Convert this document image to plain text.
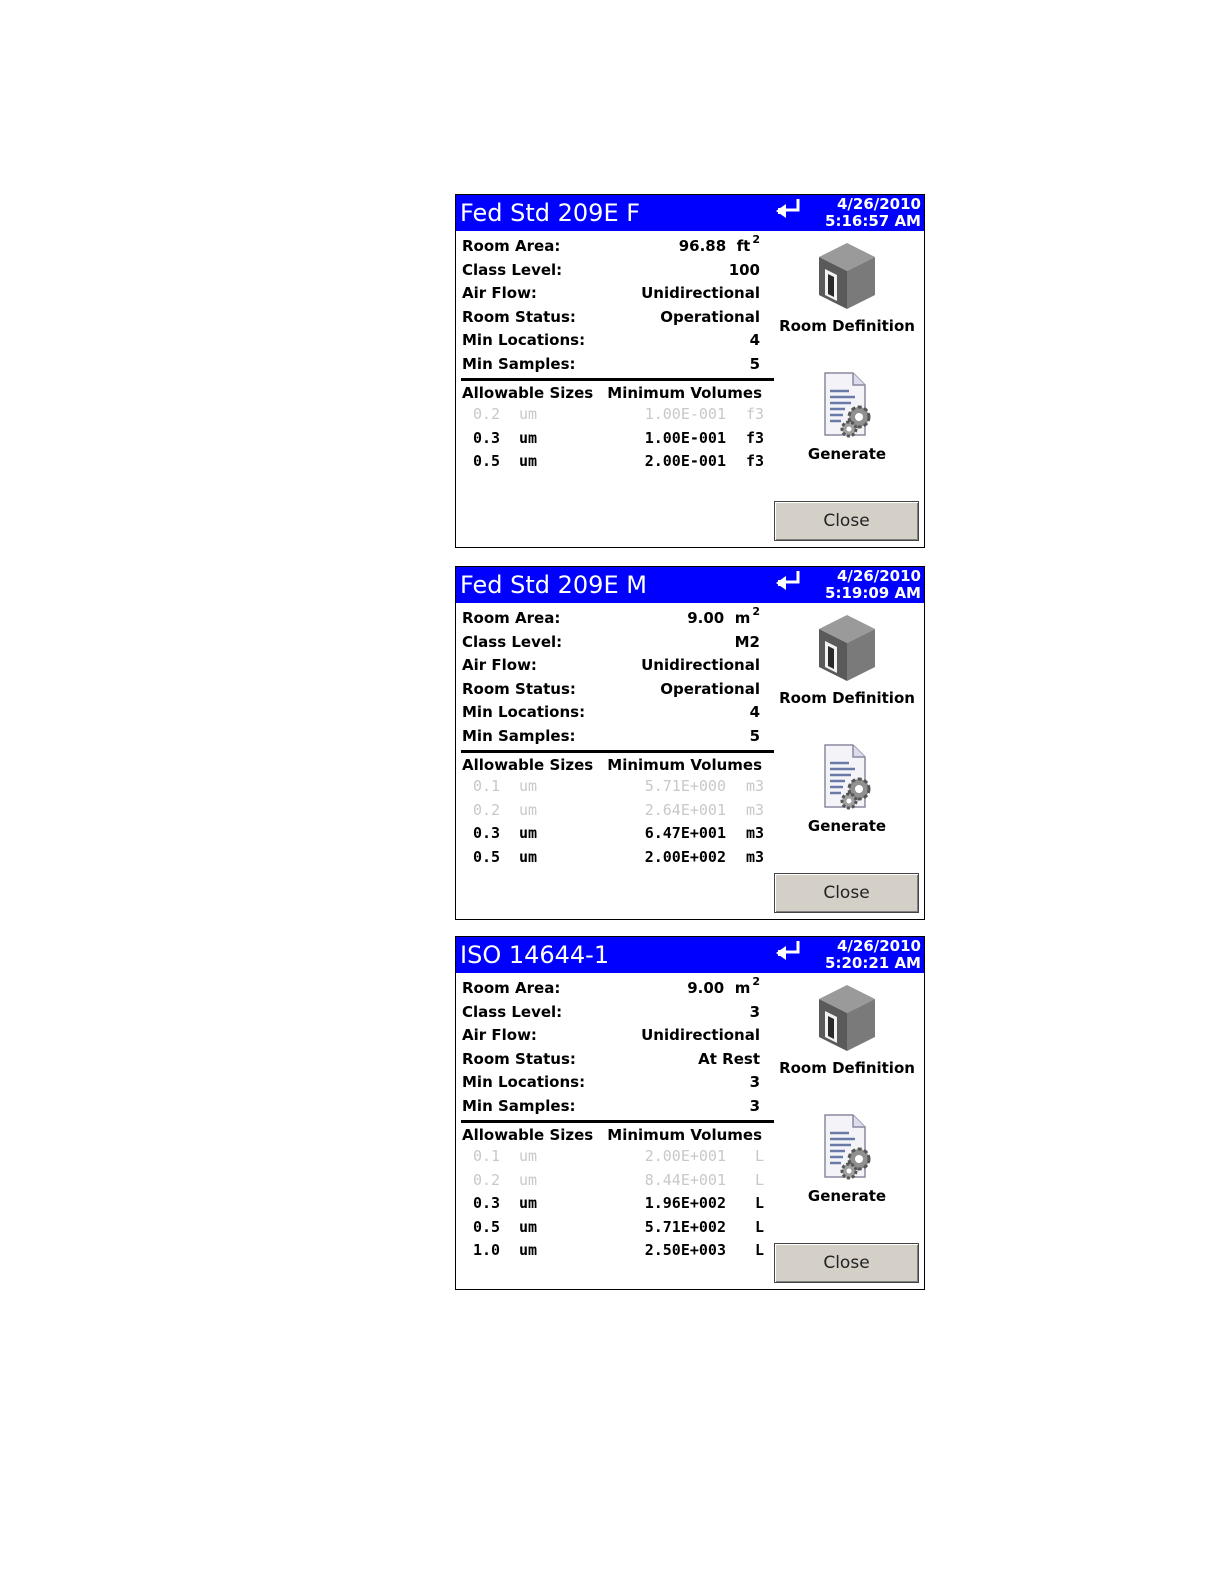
Fed Std 209E F	4/26/2010
5:16:57 AM
Room Area:	96.88 ft $^2$
Class Level:	100
Air Flow:	Unidirectional
Room Status:	Operational
Min Locations:	4
Min Samples:	5
Allowable Sizes Minimum Volumes
0.2 um	1.00E-001 f3
0.3 um	1.00E-001 f3
0.5 um	2.00E-001 f3
Room Definition
Generate
Close
Fed Std 209E M	4/26/2010
5:19:09 AM
Room Area:	9.00 m $^2$
Class Level:	M2
Air Flow:	Unidirectional
Room Status:	Operational
Min Locations:	4
Min Samples:	5
Allowable Sizes Minimum Volumes
0.1 um	5.71E+000 m3
0.2 um	2.64E+001 m3
0.3 um	6.47E+001 m3
0.5 um	2.00E+002 m3
Room Definition
Generate
Close
ISO 14644-1	4/26/2010
5:20:21 AM
Room Area:	9.00 m $^2$
Class Level:	3
Air Flow:	Unidirectional
Room Status:	At Rest
Min Locations:	3
Min Samples:	3
Allowable Sizes Minimum Volumes
0.1 um	2.00E+001 L
0.2 um	8.44E+001 L
0.3 um	1.96E+002 L
0.5 um	5.71E+002 L
1.0 um	2.50E+003 L
Room Definition
Generate
Close
